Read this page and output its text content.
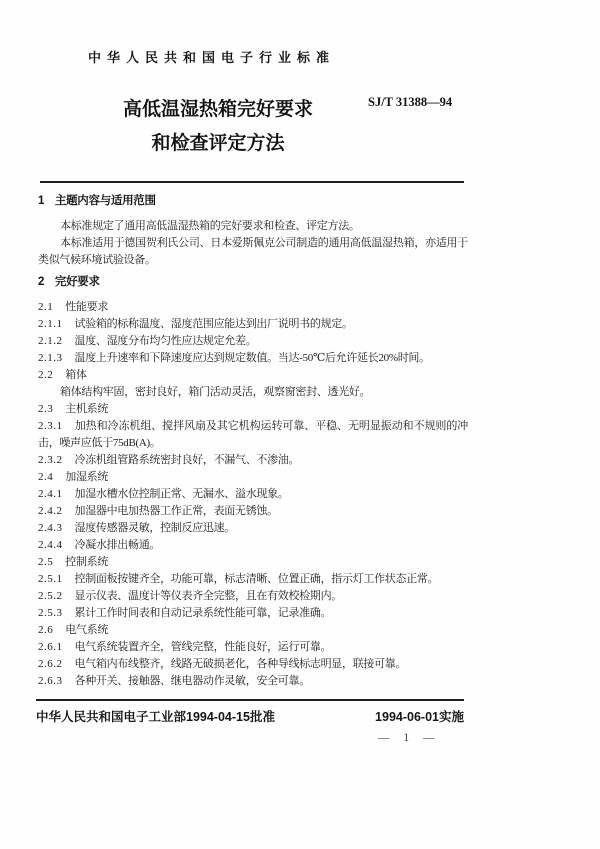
中华人民共和国电子行业标准
高低温湿热箱完好要求
和检查评定方法
SJ/T 31388—94

1 主题内容与适用范围

本标准规定了通用高低温湿热箱的完好要求和检查、评定方法。

本标准适用于德国贺利氏公司、日本爱斯佩克公司制造的通用高低温湿热箱，亦适用于类似气候环境试验设备。

2 完好要求

2.1 性能要求

2.1.1 试验箱的标称温度、湿度范围应能达到出厂说明书的规定。

2.1.2 温度、湿度分布均匀性应达规定允差。

2.1.3 温度上升速率和下降速度应达到规定数值。当达-50℃后允许延长20%时间。

2.2 箱体

箱体结构牢固，密封良好，箱门活动灵活，观察窗密封、透光好。

2.3 主机系统

2.3.1 加热和冷冻机组、搅拌风扇及其它机构运转可靠、平稳、无明显振动和不规则的冲击，噪声应低于75dB(A)。

2.3.2 冷冻机组管路系统密封良好，不漏气、不渗油。

2.4 加湿系统

2.4.1 加湿水槽水位控制正常、无漏水、溢水现象。

2.4.2 加湿器中电加热器工作正常，表面无锈蚀。

2.4.3 湿度传感器灵敏，控制反应迅速。

2.4.4 冷凝水排出畅通。

2.5 控制系统

2.5.1 控制面板按键齐全，功能可靠，标志清晰、位置正确，指示灯工作状态正常。

2.5.2 显示仪表、温度计等仪表齐全完整，且在有效校检期内。

2.5.3 累计工作时间表和自动记录系统性能可靠，记录准确。

2.6 电气系统

2.6.1 电气系统装置齐全，管线完整，性能良好，运行可靠。

2.6.2 电气箱内布线整齐，线路无破损老化，各种导线标志明显，联接可靠。

2.6.3 各种开关、接触器、继电器动作灵敏，安全可靠。

中华人民共和国电子工业部1994-04-15批准	1994-06-01实施
— 1 —
